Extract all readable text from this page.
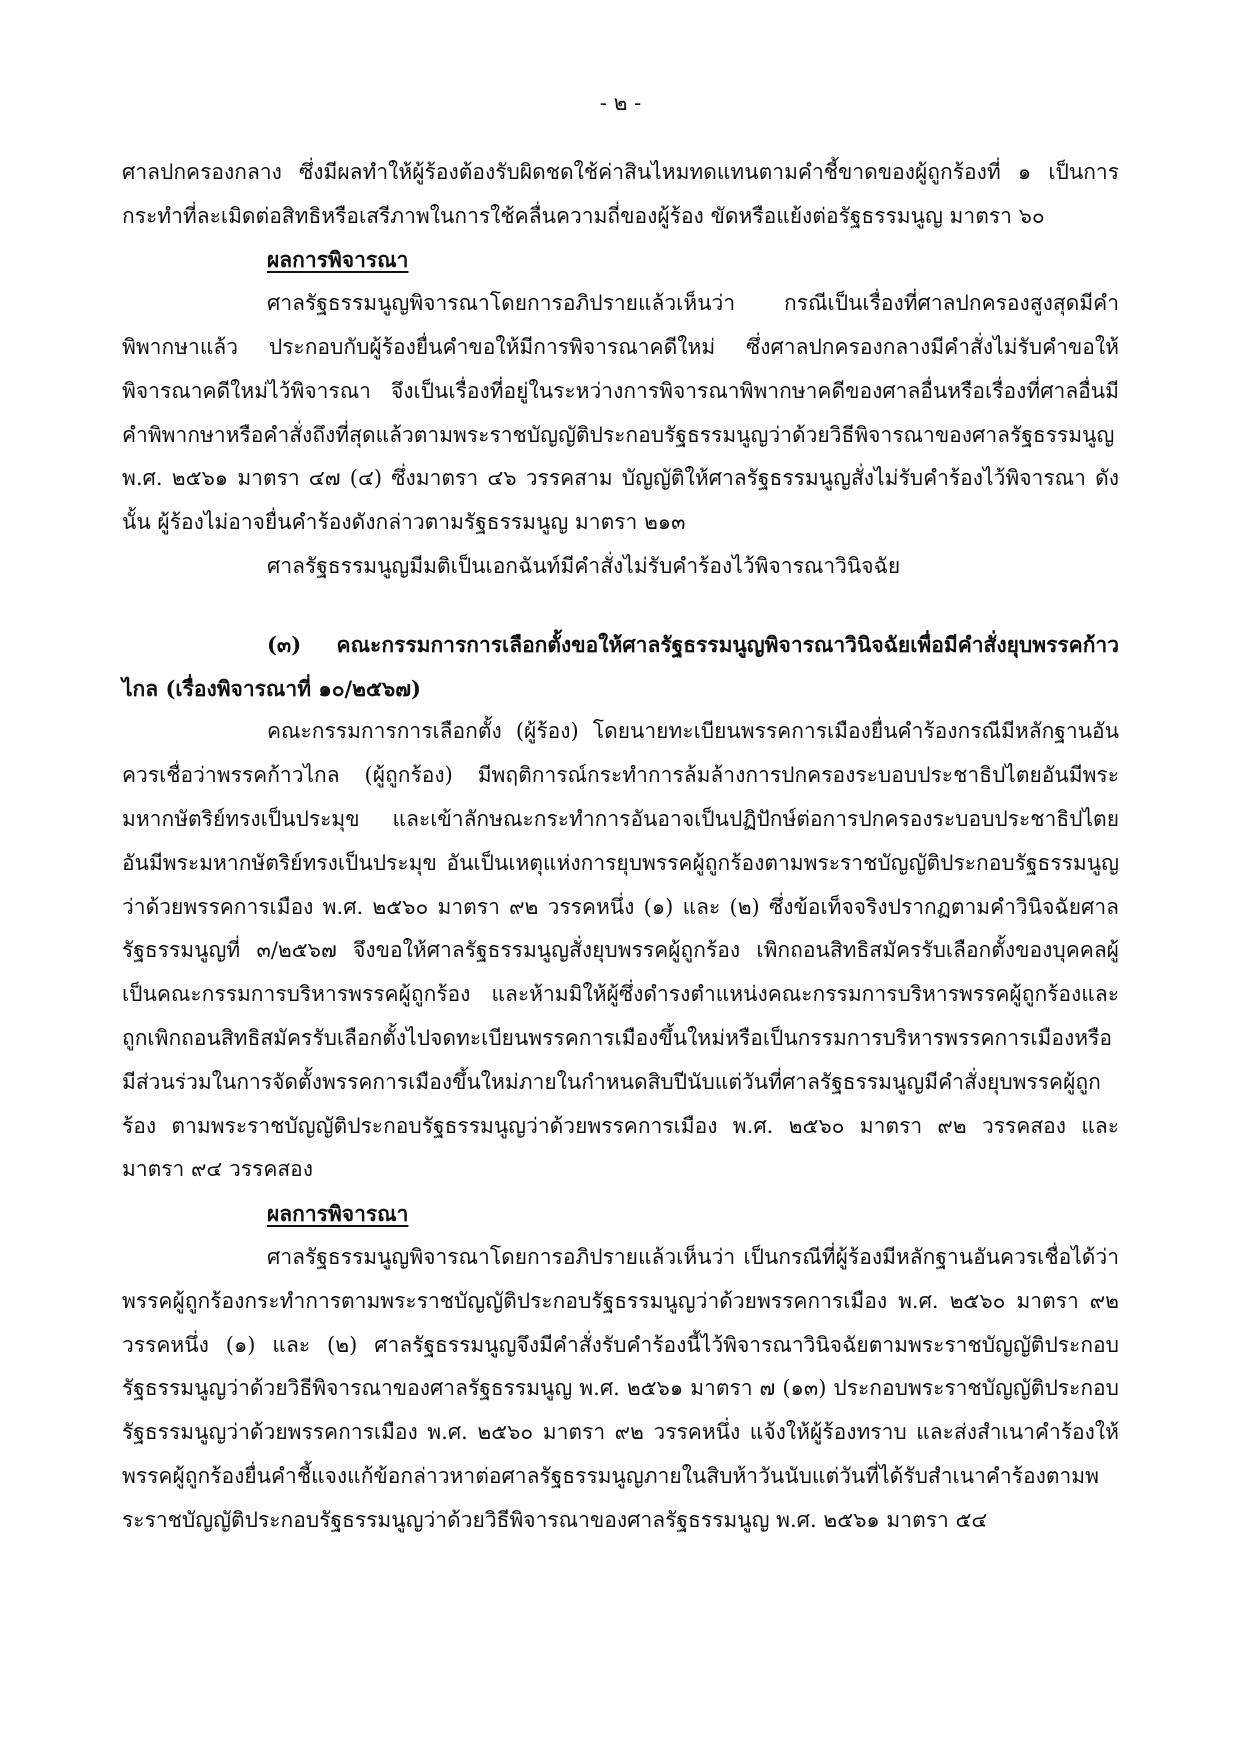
- ๒ -

ศาลปกครองกลาง ซึ่งมีผลทำให้ผู้ร้องต้องรับผิดชดใช้ค่าสินไหมทดแทนตามคำชี้ขาดของผู้ถูกร้องที่ ๑ เป็นการกระทำที่ละเมิดต่อสิทธิหรือเสรีภาพในการใช้คลื่นความถี่ของผู้ร้อง ขัดหรือแย้งต่อรัฐธรรมนูญ มาตรา ๖๐

ผลการพิจารณา

ศาลรัฐธรรมนูญพิจารณาโดยการอภิปรายแล้วเห็นว่า กรณีเป็นเรื่องที่ศาลปกครองสูงสุดมีคำพิพากษาแล้ว ประกอบกับผู้ร้องยื่นคำขอให้มีการพิจารณาคดีใหม่ ซึ่งศาลปกครองกลางมีคำสั่งไม่รับคำขอให้พิจารณาคดีใหม่ไว้พิจารณา จึงเป็นเรื่องที่อยู่ในระหว่างการพิจารณาพิพากษาคดีของศาลอื่นหรือเรื่องที่ศาลอื่นมีคำพิพากษาหรือคำสั่งถึงที่สุดแล้วตามพระราชบัญญัติประกอบรัฐธรรมนูญว่าด้วยวิธีพิจารณาของศาลรัฐธรรมนูญ พ.ศ. ๒๕๖๑ มาตรา ๔๗ (๔) ซึ่งมาตรา ๔๖ วรรคสาม บัญญัติให้ศาลรัฐธรรมนูญสั่งไม่รับคำร้องไว้พิจารณา ดังนั้น ผู้ร้องไม่อาจยื่นคำร้องดังกล่าวตามรัฐธรรมนูญ มาตรา ๒๑๓

ศาลรัฐธรรมนูญมีมติเป็นเอกฉันท์มีคำสั่งไม่รับคำร้องไว้พิจารณาวินิจฉัย

(๓) คณะกรรมการการเลือกตั้งขอให้ศาลรัฐธรรมนูญพิจารณาวินิจฉัยเพื่อมีคำสั่งยุบพรรคก้าวไกล (เรื่องพิจารณาที่ ๑๐/๒๕๖๗)

คณะกรรมการการเลือกตั้ง (ผู้ร้อง) โดยนายทะเบียนพรรคการเมืองยื่นคำร้องกรณีมีหลักฐานอันควรเชื่อว่าพรรคก้าวไกล (ผู้ถูกร้อง) มีพฤติการณ์กระทำการล้มล้างการปกครองระบอบประชาธิปไตยอันมีพระมหากษัตริย์ทรงเป็นประมุข และเข้าลักษณะกระทำการอันอาจเป็นปฏิปักษ์ต่อการปกครองระบอบประชาธิปไตยอันมีพระมหากษัตริย์ทรงเป็นประมุข อันเป็นเหตุแห่งการยุบพรรคผู้ถูกร้องตามพระราชบัญญัติประกอบรัฐธรรมนูญว่าด้วยพรรคการเมือง พ.ศ. ๒๕๖๐ มาตรา ๙๒ วรรคหนึ่ง (๑) และ (๒) ซึ่งข้อเท็จจริงปรากฏตามคำวินิจฉัยศาลรัฐธรรมนูญที่ ๓/๒๕๖๗ จึงขอให้ศาลรัฐธรรมนูญสั่งยุบพรรคผู้ถูกร้อง เพิกถอนสิทธิสมัครรับเลือกตั้งของบุคคลผู้เป็นคณะกรรมการบริหารพรรคผู้ถูกร้อง และห้ามมิให้ผู้ซึ่งดำรงตำแหน่งคณะกรรมการบริหารพรรคผู้ถูกร้องและถูกเพิกถอนสิทธิสมัครรับเลือกตั้งไปจดทะเบียนพรรคการเมืองขึ้นใหม่หรือเป็นกรรมการบริหารพรรคการเมืองหรือมีส่วนร่วมในการจัดตั้งพรรคการเมืองขึ้นใหม่ภายในกำหนดสิบปีนับแต่วันที่ศาลรัฐธรรมนูญมีคำสั่งยุบพรรคผู้ถูกร้อง ตามพระราชบัญญัติประกอบรัฐธรรมนูญว่าด้วยพรรคการเมือง พ.ศ. ๒๕๖๐ มาตรา ๙๒ วรรคสอง และมาตรา ๙๔ วรรคสอง

ผลการพิจารณา

ศาลรัฐธรรมนูญพิจารณาโดยการอภิปรายแล้วเห็นว่า เป็นกรณีที่ผู้ร้องมีหลักฐานอันควรเชื่อได้ว่าพรรคผู้ถูกร้องกระทำการตามพระราชบัญญัติประกอบรัฐธรรมนูญว่าด้วยพรรคการเมือง พ.ศ. ๒๕๖๐ มาตรา ๙๒ วรรคหนึ่ง (๑) และ (๒) ศาลรัฐธรรมนูญจึงมีคำสั่งรับคำร้องนี้ไว้พิจารณาวินิจฉัยตามพระราชบัญญัติประกอบรัฐธรรมนูญว่าด้วยวิธีพิจารณาของศาลรัฐธรรมนูญ พ.ศ. ๒๕๖๑ มาตรา ๗ (๑๓) ประกอบพระราชบัญญัติประกอบรัฐธรรมนูญว่าด้วยพรรคการเมือง พ.ศ. ๒๕๖๐ มาตรา ๙๒ วรรคหนึ่ง แจ้งให้ผู้ร้องทราบ และส่งสำเนาคำร้องให้พรรคผู้ถูกร้องยื่นคำชี้แจงแก้ข้อกล่าวหาต่อศาลรัฐธรรมนูญภายในสิบห้าวันนับแต่วันที่ได้รับสำเนาคำร้องตามพระราชบัญญัติประกอบรัฐธรรมนูญว่าด้วยวิธีพิจารณาของศาลรัฐธรรมนูญ พ.ศ. ๒๕๖๑ มาตรา ๕๔
